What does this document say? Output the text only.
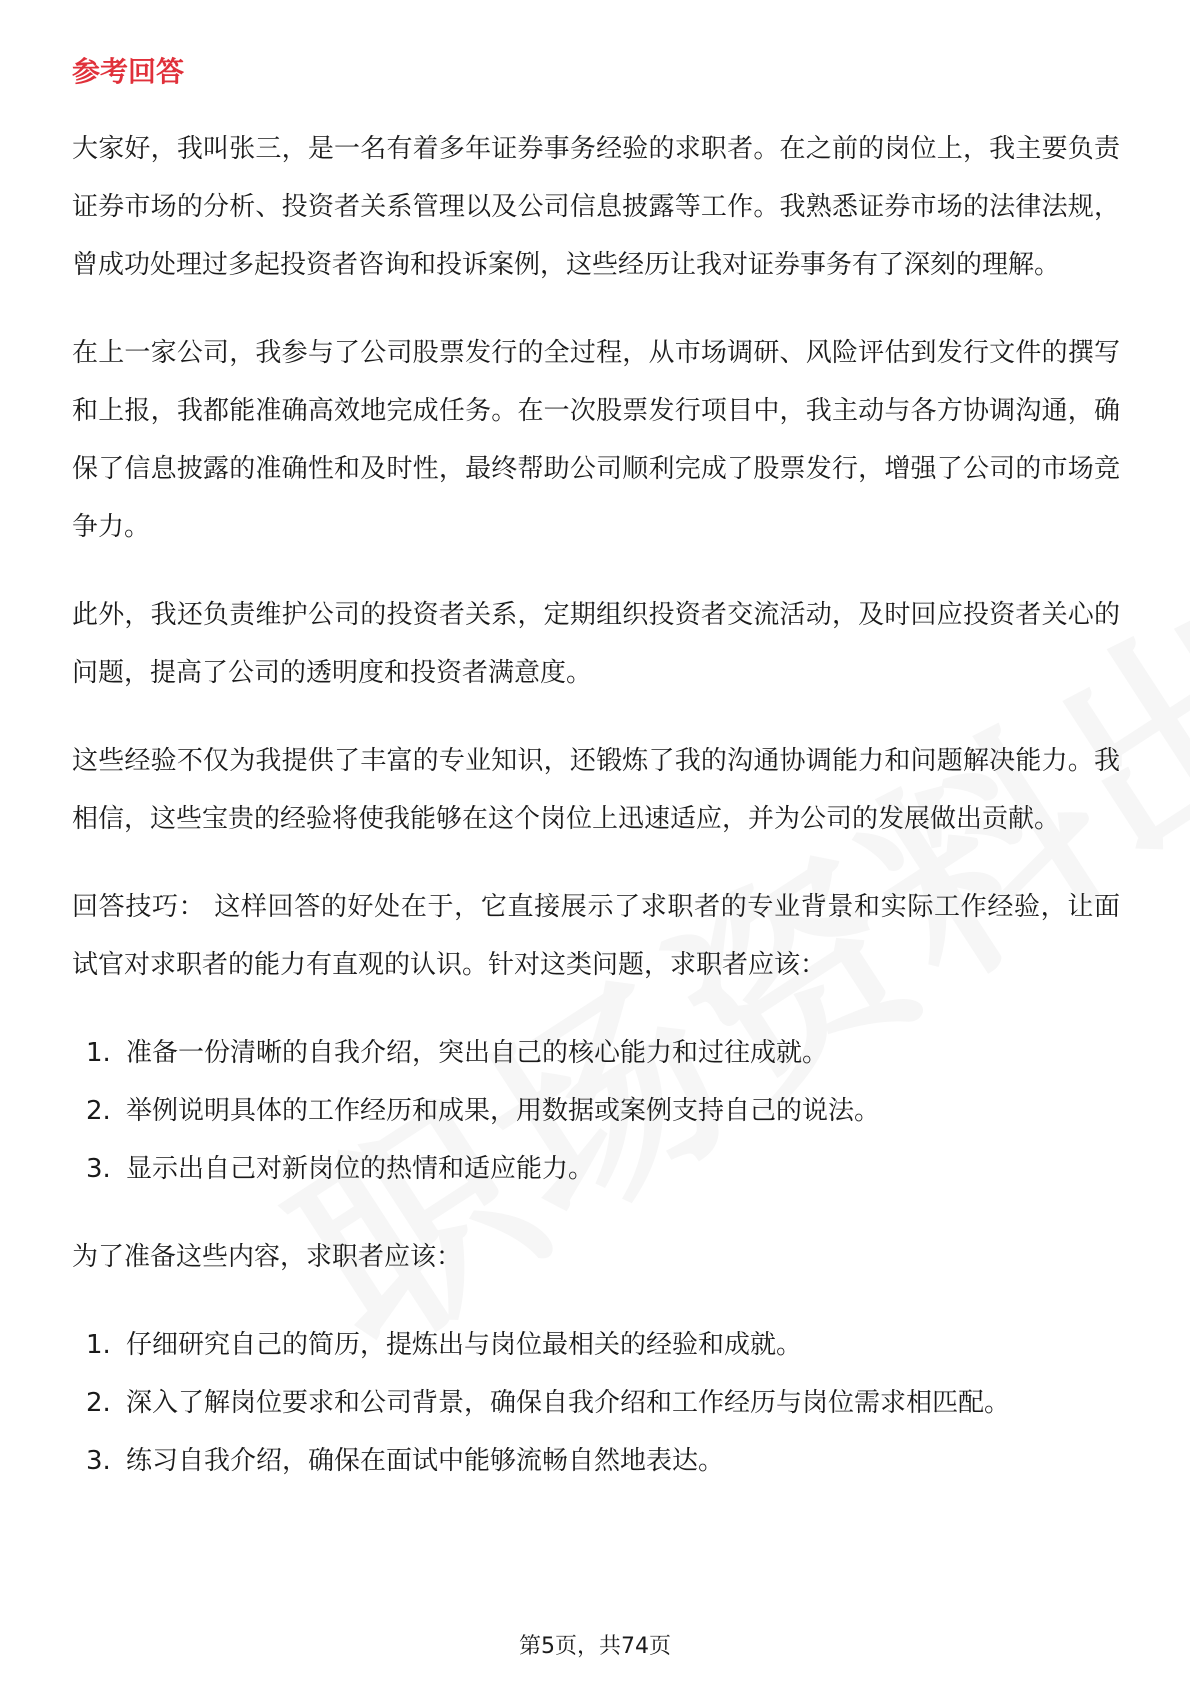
参考回答

大家好，我叫张三，是一名有着多年证券事务经验的求职者。在之前的岗位上，我主要负责证券市场的分析、投资者关系管理以及公司信息披露等工作。我熟悉证券市场的法律法规，曾成功处理过多起投资者咨询和投诉案例，这些经历让我对证券事务有了深刻的理解。

在上一家公司，我参与了公司股票发行的全过程，从市场调研、风险评估到发行文件的撰写和上报，我都能准确高效地完成任务。在一次股票发行项目中，我主动与各方协调沟通，确保了信息披露的准确性和及时性，最终帮助公司顺利完成了股票发行，增强了公司的市场竞争力。

此外，我还负责维护公司的投资者关系，定期组织投资者交流活动，及时回应投资者关心的问题，提高了公司的透明度和投资者满意度。

这些经验不仅为我提供了丰富的专业知识，还锻炼了我的沟通协调能力和问题解决能力。我相信，这些宝贵的经验将使我能够在这个岗位上迅速适应，并为公司的发展做出贡献。

回答技巧： 这样回答的好处在于，它直接展示了求职者的专业背景和实际工作经验，让面试官对求职者的能力有直观的认识。针对这类问题，求职者应该：

1. 准备一份清晰的自我介绍，突出自己的核心能力和过往成就。
2. 举例说明具体的工作经历和成果，用数据或案例支持自己的说法。
3. 显示出自己对新岗位的热情和适应能力。

为了准备这些内容，求职者应该：

1. 仔细研究自己的简历，提炼出与岗位最相关的经验和成就。
2. 深入了解岗位要求和公司背景，确保自我介绍和工作经历与岗位需求相匹配。
3. 练习自我介绍，确保在面试中能够流畅自然地表达。
第5页，共74页
